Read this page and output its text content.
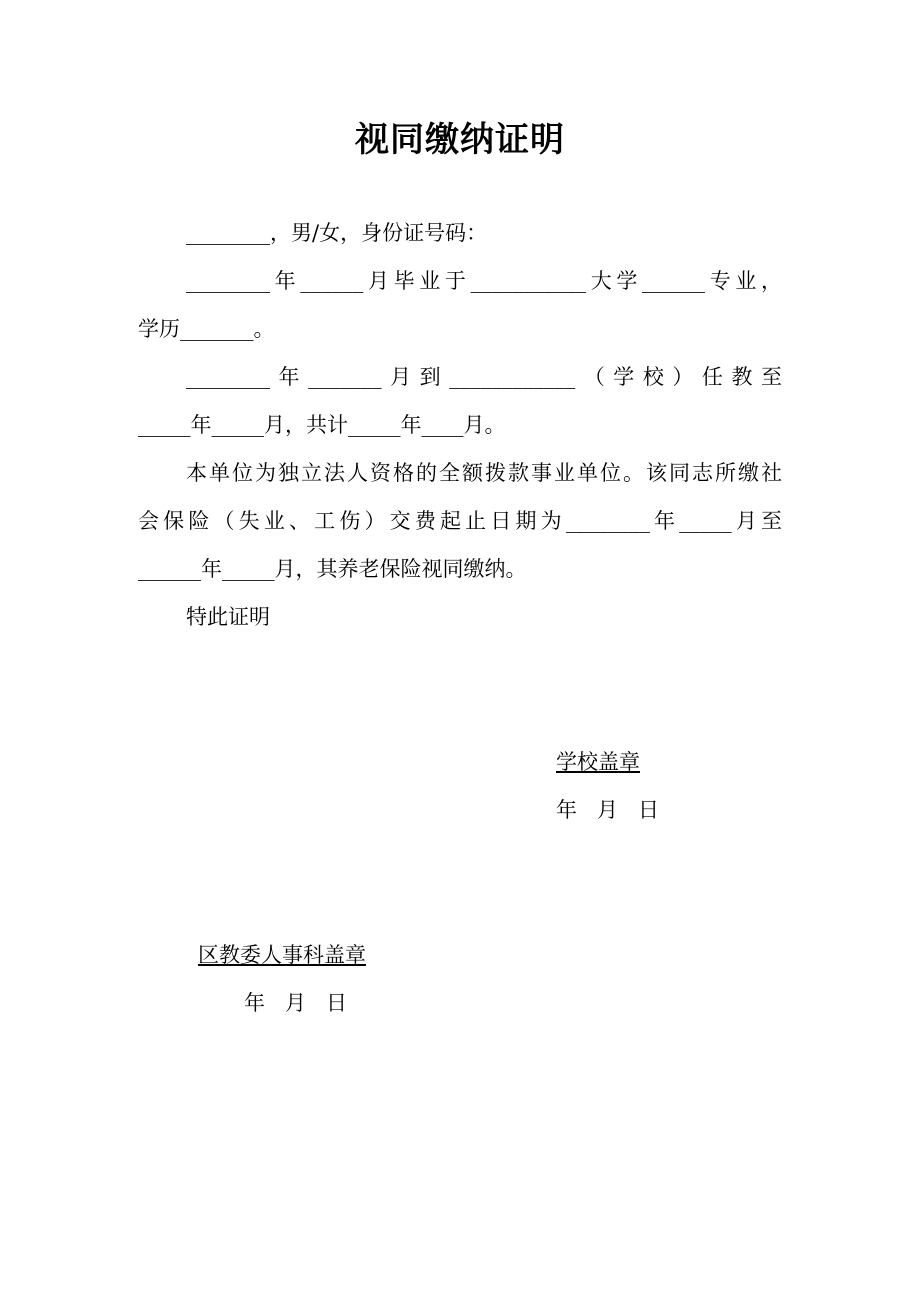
视同缴纳证明
________，男/女，身份证号码：
________年______月毕业于___________大学______专业，
学历_______。
________年_______月到____________（学校）任教至
_____年_____月，共计_____年____月。
本单位为独立法人资格的全额拨款事业单位。该同志所缴社
会保险（失业、工伤）交费起止日期为________年_____月至
______年_____月，其养老保险视同缴纳。
特此证明
学校盖章
年 月 日
区教委人事科盖章
年 月 日
